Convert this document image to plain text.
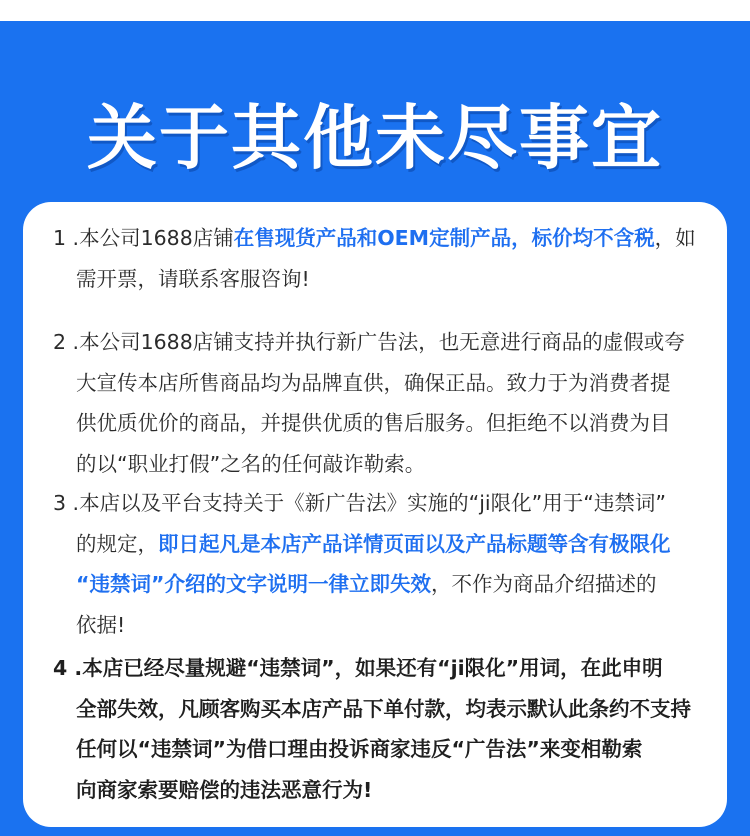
关于其他未尽事宜
1 .本公司1688店铺在售现货产品和OEM定制产品，标价均不含税，如
需开票，请联系客服咨询!
2 .本公司1688店铺支持并执行新广告法，也无意进行商品的虚假或夸
大宣传本店所售商品均为品牌直供，确保正品。致力于为消费者提
供优质优价的商品，并提供优质的售后服务。但拒绝不以消费为目
的以“职业打假”之名的任何敲诈勒索。
3 .本店以及平台支持关于《新广告法》实施的“ji限化”用于“违禁词”
的规定，即日起凡是本店产品详情页面以及产品标题等含有极限化
“违禁词”介绍的文字说明一律立即失效，不作为商品介绍描述的
依据!
4 .本店已经尽量规避“违禁词”，如果还有“ji限化”用词，在此申明
全部失效，凡顾客购买本店产品下单付款，均表示默认此条约不支持
任何以“违禁词”为借口理由投诉商家违反“广告法”来变相勒索
向商家索要赔偿的违法恶意行为!
